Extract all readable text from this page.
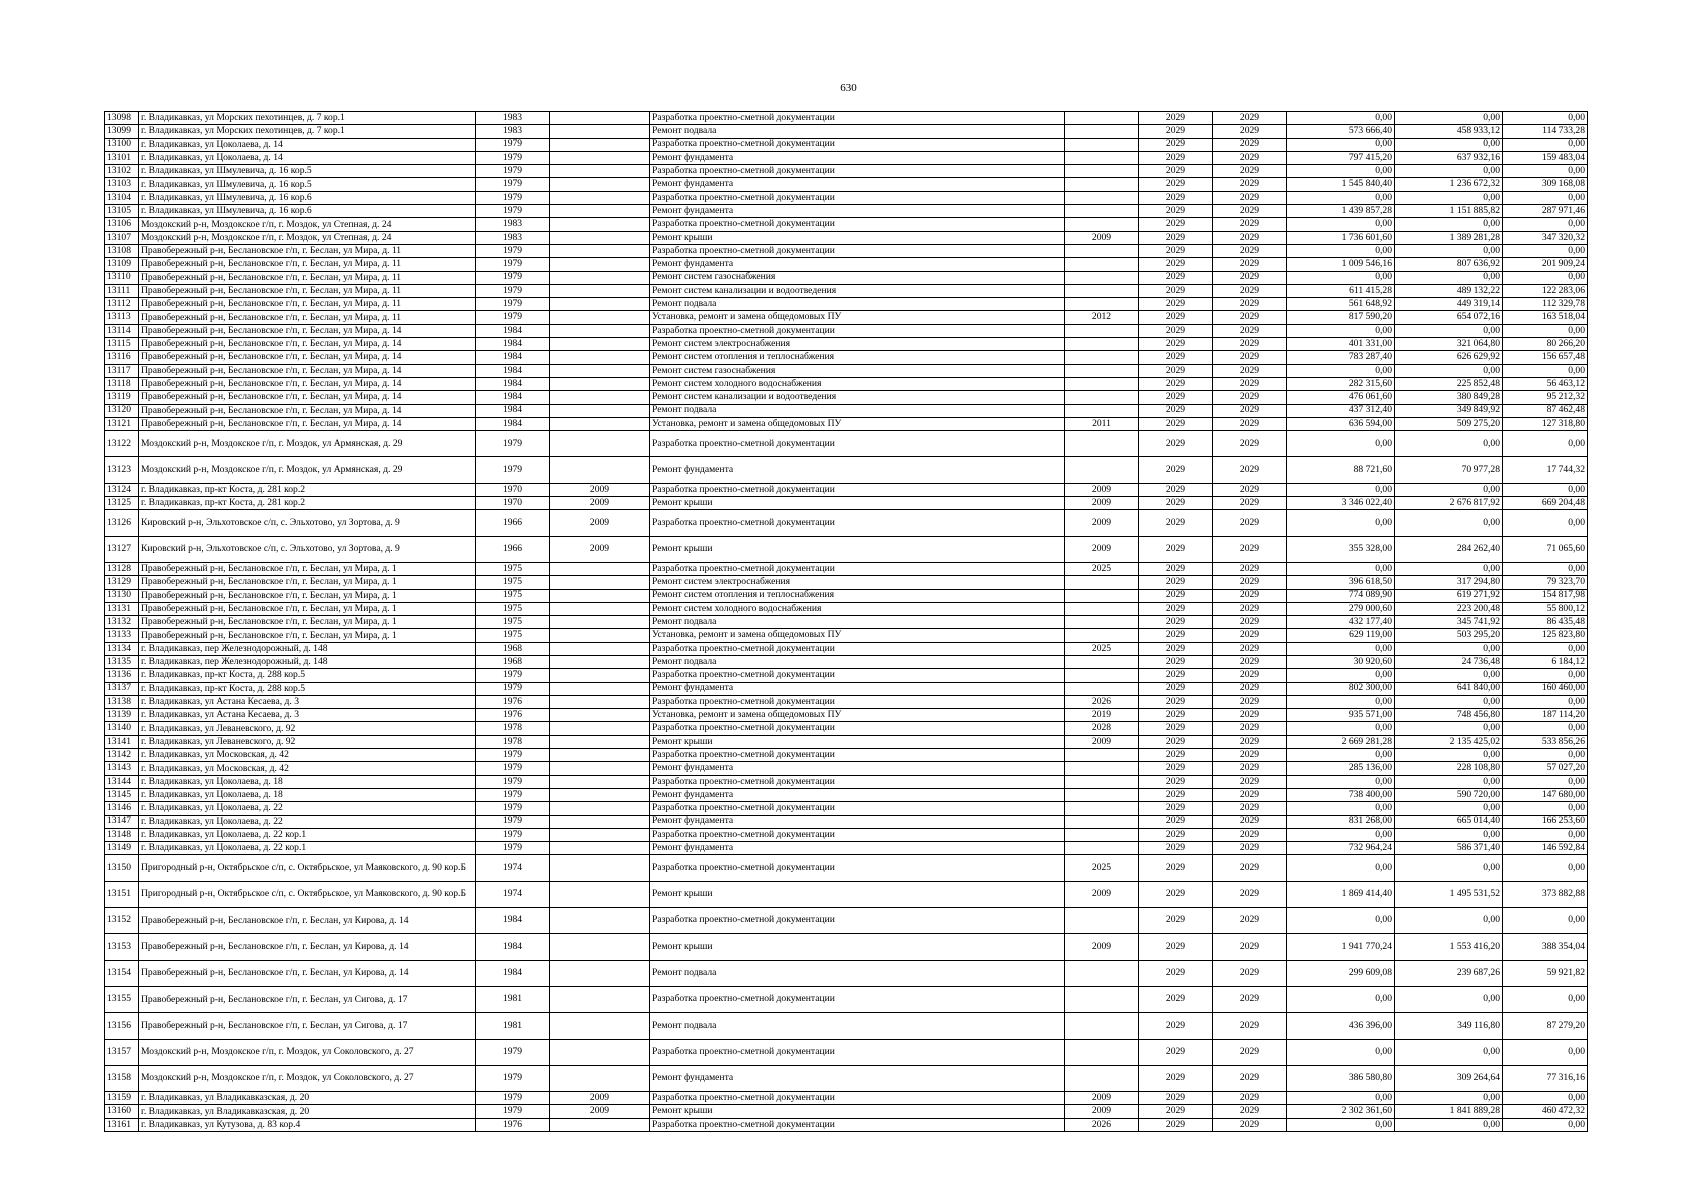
630
13098	г. Владикавказ, ул Морских пехотинцев, д. 7 кор.1	1983		Разработка проектно-сметной документации		2029	2029	0,00	0,00	0,00
13099	г. Владикавказ, ул Морских пехотинцев, д. 7 кор.1	1983		Ремонт подвала		2029	2029	573 666,40	458 933,12	114 733,28
13100	г. Владикавказ, ул Цоколаева, д. 14	1979		Разработка проектно-сметной документации		2029	2029	0,00	0,00	0,00
13101	г. Владикавказ, ул Цоколаева, д. 14	1979		Ремонт фундамента		2029	2029	797 415,20	637 932,16	159 483,04
13102	г. Владикавказ, ул Шмулевича, д. 16 кор.5	1979		Разработка проектно-сметной документации		2029	2029	0,00	0,00	0,00
13103	г. Владикавказ, ул Шмулевича, д. 16 кор.5	1979		Ремонт фундамента		2029	2029	1 545 840,40	1 236 672,32	309 168,08
13104	г. Владикавказ, ул Шмулевича, д. 16 кор.6	1979		Разработка проектно-сметной документации		2029	2029	0,00	0,00	0,00
13105	г. Владикавказ, ул Шмулевича, д. 16 кор.6	1979		Ремонт фундамента		2029	2029	1 439 857,28	1 151 885,82	287 971,46
13106	Моздокский р-н, Моздокское г/п, г. Моздок, ул Степная, д. 24	1983		Разработка проектно-сметной документации		2029	2029	0,00	0,00	0,00
13107	Моздокский р-н, Моздокское г/п, г. Моздок, ул Степная, д. 24	1983		Ремонт крыши	2009	2029	2029	1 736 601,60	1 389 281,28	347 320,32
13108	Правобережный р-н, Беслановское г/п, г. Беслан, ул Мира, д. 11	1979		Разработка проектно-сметной документации		2029	2029	0,00	0,00	0,00
13109	Правобережный р-н, Беслановское г/п, г. Беслан, ул Мира, д. 11	1979		Ремонт фундамента		2029	2029	1 009 546,16	807 636,92	201 909,24
13110	Правобережный р-н, Беслановское г/п, г. Беслан, ул Мира, д. 11	1979		Ремонт систем газоснабжения		2029	2029	0,00	0,00	0,00
13111	Правобережный р-н, Беслановское г/п, г. Беслан, ул Мира, д. 11	1979		Ремонт систем канализации и водоотведения		2029	2029	611 415,28	489 132,22	122 283,06
13112	Правобережный р-н, Беслановское г/п, г. Беслан, ул Мира, д. 11	1979		Ремонт подвала		2029	2029	561 648,92	449 319,14	112 329,78
13113	Правобережный р-н, Беслановское г/п, г. Беслан, ул Мира, д. 11	1979		Установка, ремонт и замена общедомовых ПУ	2012	2029	2029	817 590,20	654 072,16	163 518,04
13114	Правобережный р-н, Беслановское г/п, г. Беслан, ул Мира, д. 14	1984		Разработка проектно-сметной документации		2029	2029	0,00	0,00	0,00
13115	Правобережный р-н, Беслановское г/п, г. Беслан, ул Мира, д. 14	1984		Ремонт систем электроснабжения		2029	2029	401 331,00	321 064,80	80 266,20
13116	Правобережный р-н, Беслановское г/п, г. Беслан, ул Мира, д. 14	1984		Ремонт систем отопления и теплоснабжения		2029	2029	783 287,40	626 629,92	156 657,48
13117	Правобережный р-н, Беслановское г/п, г. Беслан, ул Мира, д. 14	1984		Ремонт систем газоснабжения		2029	2029	0,00	0,00	0,00
13118	Правобережный р-н, Беслановское г/п, г. Беслан, ул Мира, д. 14	1984		Ремонт систем холодного водоснабжения		2029	2029	282 315,60	225 852,48	56 463,12
13119	Правобережный р-н, Беслановское г/п, г. Беслан, ул Мира, д. 14	1984		Ремонт систем канализации и водоотведения		2029	2029	476 061,60	380 849,28	95 212,32
13120	Правобережный р-н, Беслановское г/п, г. Беслан, ул Мира, д. 14	1984		Ремонт подвала		2029	2029	437 312,40	349 849,92	87 462,48
13121	Правобережный р-н, Беслановское г/п, г. Беслан, ул Мира, д. 14	1984		Установка, ремонт и замена общедомовых ПУ	2011	2029	2029	636 594,00	509 275,20	127 318,80
13122	Моздокский р-н, Моздокское г/п, г. Моздок, ул Армянская, д. 29	1979		Разработка проектно-сметной документации		2029	2029	0,00	0,00	0,00
13123	Моздокский р-н, Моздокское г/п, г. Моздок, ул Армянская, д. 29	1979		Ремонт фундамента		2029	2029	88 721,60	70 977,28	17 744,32
13124	г. Владикавказ, пр-кт Коста, д. 281 кор.2	1970	2009	Разработка проектно-сметной документации	2009	2029	2029	0,00	0,00	0,00
13125	г. Владикавказ, пр-кт Коста, д. 281 кор.2	1970	2009	Ремонт крыши	2009	2029	2029	3 346 022,40	2 676 817,92	669 204,48
13126	Кировский р-н, Эльхотовское с/п, с. Эльхотово, ул Зортова, д. 9	1966	2009	Разработка проектно-сметной документации	2009	2029	2029	0,00	0,00	0,00
13127	Кировский р-н, Эльхотовское с/п, с. Эльхотово, ул Зортова, д. 9	1966	2009	Ремонт крыши	2009	2029	2029	355 328,00	284 262,40	71 065,60
13128	Правобережный р-н, Беслановское г/п, г. Беслан, ул Мира, д. 1	1975		Разработка проектно-сметной документации	2025	2029	2029	0,00	0,00	0,00
13129	Правобережный р-н, Беслановское г/п, г. Беслан, ул Мира, д. 1	1975		Ремонт систем электроснабжения		2029	2029	396 618,50	317 294,80	79 323,70
13130	Правобережный р-н, Беслановское г/п, г. Беслан, ул Мира, д. 1	1975		Ремонт систем отопления и теплоснабжения		2029	2029	774 089,90	619 271,92	154 817,98
13131	Правобережный р-н, Беслановское г/п, г. Беслан, ул Мира, д. 1	1975		Ремонт систем холодного водоснабжения		2029	2029	279 000,60	223 200,48	55 800,12
13132	Правобережный р-н, Беслановское г/п, г. Беслан, ул Мира, д. 1	1975		Ремонт подвала		2029	2029	432 177,40	345 741,92	86 435,48
13133	Правобережный р-н, Беслановское г/п, г. Беслан, ул Мира, д. 1	1975		Установка, ремонт и замена общедомовых ПУ		2029	2029	629 119,00	503 295,20	125 823,80
13134	г. Владикавказ, пер Железнодорожный, д. 148	1968		Разработка проектно-сметной документации	2025	2029	2029	0,00	0,00	0,00
13135	г. Владикавказ, пер Железнодорожный, д. 148	1968		Ремонт подвала		2029	2029	30 920,60	24 736,48	6 184,12
13136	г. Владикавказ, пр-кт Коста, д. 288 кор.5	1979		Разработка проектно-сметной документации		2029	2029	0,00	0,00	0,00
13137	г. Владикавказ, пр-кт Коста, д. 288 кор.5	1979		Ремонт фундамента		2029	2029	802 300,00	641 840,00	160 460,00
13138	г. Владикавказ, ул Астана Кесаева, д. 3	1976		Разработка проектно-сметной документации	2026	2029	2029	0,00	0,00	0,00
13139	г. Владикавказ, ул Астана Кесаева, д. 3	1976		Установка, ремонт и замена общедомовых ПУ	2019	2029	2029	935 571,00	748 456,80	187 114,20
13140	г. Владикавказ, ул Леваневского, д. 92	1978		Разработка проектно-сметной документации	2028	2029	2029	0,00	0,00	0,00
13141	г. Владикавказ, ул Леваневского, д. 92	1978		Ремонт крыши	2009	2029	2029	2 669 281,28	2 135 425,02	533 856,26
13142	г. Владикавказ, ул Московская, д. 42	1979		Разработка проектно-сметной документации		2029	2029	0,00	0,00	0,00
13143	г. Владикавказ, ул Московская, д. 42	1979		Ремонт фундамента		2029	2029	285 136,00	228 108,80	57 027,20
13144	г. Владикавказ, ул Цоколаева, д. 18	1979		Разработка проектно-сметной документации		2029	2029	0,00	0,00	0,00
13145	г. Владикавказ, ул Цоколаева, д. 18	1979		Ремонт фундамента		2029	2029	738 400,00	590 720,00	147 680,00
13146	г. Владикавказ, ул Цоколаева, д. 22	1979		Разработка проектно-сметной документации		2029	2029	0,00	0,00	0,00
13147	г. Владикавказ, ул Цоколаева, д. 22	1979		Ремонт фундамента		2029	2029	831 268,00	665 014,40	166 253,60
13148	г. Владикавказ, ул Цоколаева, д. 22 кор.1	1979		Разработка проектно-сметной документации		2029	2029	0,00	0,00	0,00
13149	г. Владикавказ, ул Цоколаева, д. 22 кор.1	1979		Ремонт фундамента		2029	2029	732 964,24	586 371,40	146 592,84
13150	Пригородный р-н, Октябрьское с/п, с. Октябрьское, ул Маяковского, д. 90 кор.Б	1974		Разработка проектно-сметной документации	2025	2029	2029	0,00	0,00	0,00
13151	Пригородный р-н, Октябрьское с/п, с. Октябрьское, ул Маяковского, д. 90 кор.Б	1974		Ремонт крыши	2009	2029	2029	1 869 414,40	1 495 531,52	373 882,88
13152	Правобережный р-н, Беслановское г/п, г. Беслан, ул Кирова, д. 14	1984		Разработка проектно-сметной документации		2029	2029	0,00	0,00	0,00
13153	Правобережный р-н, Беслановское г/п, г. Беслан, ул Кирова, д. 14	1984		Ремонт крыши	2009	2029	2029	1 941 770,24	1 553 416,20	388 354,04
13154	Правобережный р-н, Беслановское г/п, г. Беслан, ул Кирова, д. 14	1984		Ремонт подвала		2029	2029	299 609,08	239 687,26	59 921,82
13155	Правобережный р-н, Беслановское г/п, г. Беслан, ул Сигова, д. 17	1981		Разработка проектно-сметной документации		2029	2029	0,00	0,00	0,00
13156	Правобережный р-н, Беслановское г/п, г. Беслан, ул Сигова, д. 17	1981		Ремонт подвала		2029	2029	436 396,00	349 116,80	87 279,20
13157	Моздокский р-н, Моздокское г/п, г. Моздок, ул Соколовского, д. 27	1979		Разработка проектно-сметной документации		2029	2029	0,00	0,00	0,00
13158	Моздокский р-н, Моздокское г/п, г. Моздок, ул Соколовского, д. 27	1979		Ремонт фундамента		2029	2029	386 580,80	309 264,64	77 316,16
13159	г. Владикавказ, ул Владикавказская, д. 20	1979	2009	Разработка проектно-сметной документации	2009	2029	2029	0,00	0,00	0,00
13160	г. Владикавказ, ул Владикавказская, д. 20	1979	2009	Ремонт крыши	2009	2029	2029	2 302 361,60	1 841 889,28	460 472,32
13161	г. Владикавказ, ул Кутузова, д. 83 кор.4	1976		Разработка проектно-сметной документации	2026	2029	2029	0,00	0,00	0,00
